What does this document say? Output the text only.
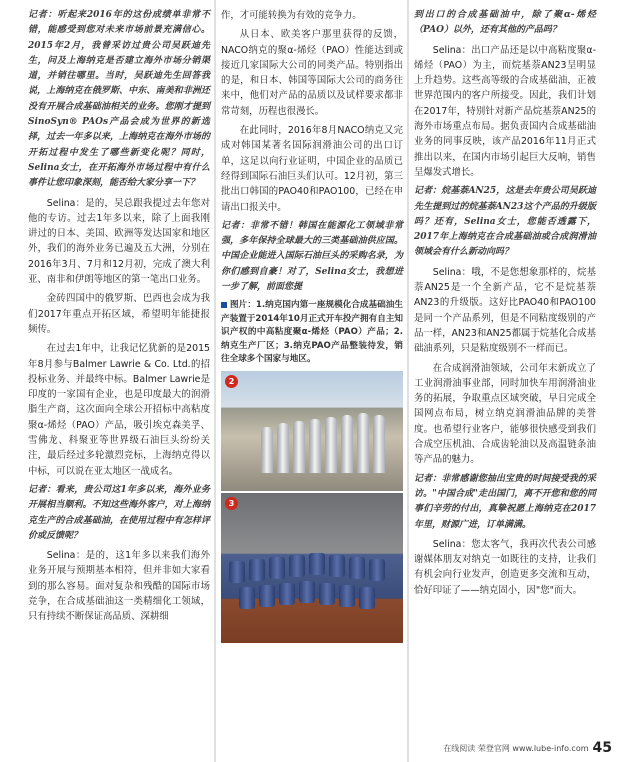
记者：听起来2016年的这份成绩单非常不错，能感受到您对未来市场前景充满信心。2015年2月，我曾采访过贵公司吴跃迪先生，问及上海纳克是否建立海外市场分销渠道，并销往哪里。当时，吴跃迪先生回答我说，上海纳克在俄罗斯、中东、南美和非洲还没有开展合成基础油相关的业务。您刚才提到SinoSyn® PAOs产品会成为世界的新选择，过去一年多以来，上海纳克在海外市场的开拓过程中发生了哪些新变化呢？同时，Selina女士，在开拓海外市场过程中有什么事件让您印象深刻，能否给大家分享一下？

Selina：是的，吴总跟我提过去年您对他的专访。过去1年多以来，除了上面我刚讲过的日本、美国、欧洲等发达国家和地区外，我们的海外业务已遍及五大洲，分别在2016年3月、7月和12月初，完成了澳大利亚、南非和伊朗等地区的第一笔出口业务。

金砖四国中的俄罗斯、巴西也会成为我们2017年重点开拓区域，希望明年能捷报频传。

在过去1年中，让我记忆犹新的是2015年8月参与Balmer Lawrie & Co. Ltd.的招投标业务、并最终中标。Balmer Lawrie是印度的一家国有企业，也是印度最大的润滑脂生产商，这次面向全球公开招标中高粘度聚α-烯烃（PAO）产品，吸引埃克森美孚、雪佛龙、科聚亚等世界级石油巨头纷纷关注，最后经过多轮激烈竞标，上海纳克得以中标，可以说在亚太地区一战成名。

记者：看来，贵公司这1年多以来，海外业务开展相当顺利。不知这些海外客户，对上海纳克生产的合成基础油，在使用过程中有怎样评价或反馈呢？

Selina：是的，这1年多以来我们海外业务开展与预期基本相符，但并非如大家看到的那么容易。面对复杂和残酷的国际市场竞争，在合成基础油这一类精细化工领域，只有持续不断保证高品质、深耕细

作，才可能转换为有效的竞争力。

从日本、欧美客户那里获得的反馈，NACO纳克的聚α-烯烃（PAO）性能达到或接近几家国际大公司的同类产品。特别指出的是，和日本、韩国等国际大公司的商务往来中，他们对产品的品质以及试样要求都非常苛刻，历程也很漫长。

在此同时，2016年8月NACO纳克又完成对韩国某著名国际润滑油公司的出口订单，这足以向行业证明，中国企业的品质已经得到国际石油巨头们认可。12月初，第三批出口韩国的PAO40和PAO100，已经在申请出口报关中。

记者：非常不错！韩国在能源化工领域非常强，多年保持全球最大的三类基础油供应国。中国企业能进入国际石油巨头的采购名录，为你们感到自豪！对了，Selina女士，我想进一步了解，前面您提

图片：1.纳克国内第一座规模化合成基础油生产装置于2014年10月正式开车投产拥有自主知识产权的中高粘度聚α-烯烃（PAO）产品；2.纳克生产厂区；3.纳克PAO产品整装待发，销往全球多个国家与地区。
2
3

到出口的合成基础油中，除了聚α-烯烃（PAO）以外，还有其他的产品吗？

Selina：出口产品还是以中高粘度聚α-烯烃（PAO）为主，而烷基萘AN23呈明显上升趋势。这些高等级的合成基础油，正被世界范围内的客户所接受。因此，我们计划在2017年，特别针对新产品烷基萘AN25的海外市场重点布局。据负责国内合成基础油业务的同事反映，该产品2016年11月正式推出以来，在国内市场引起巨大反响，销售呈爆发式增长。

记者：烷基萘AN25，这是去年贵公司吴跃迪先生提到过的烷基萘AN23这个产品的升级版吗？还有，Selina女士，您能否透露下，2017年上海纳克在合成基础油或合成润滑油领域会有什么新动向吗？

Selina：哦，不是您想象那样的，烷基萘AN25是一个全新产品，它不是烷基萘AN23的升级版。这好比PAO40和PAO100是同一个产品系列，但是不同粘度级别的产品一样，AN23和AN25都属于烷基化合成基础油系列，只是粘度级别不一样而已。

在合成润滑油领域，公司年末新成立了工业润滑油事业部，同时加快车用润滑油业务的拓展，争取重点区域突破，早日完成全国网点布局，树立纳克润滑油品牌的美誉度。也希望行业客户，能够很快感受到我们合成空压机油、合成齿轮油以及高温链条油等产品的魅力。

记者：非常感谢您抽出宝贵的时间接受我的采访。"中国合成"走出国门，离不开您和您的同事们辛劳的付出，真挚祝愿上海纳克在2017年里，财源广进，订单满满。

Selina：您太客气，我再次代表公司感谢媒体朋友对纳克一如既往的支持，让我们有机会向行业发声，创造更多交流和互动，恰好印证了——纳克固小，因"您"而大。

在线阅读 荣登官网 www.lube-info.com 45
